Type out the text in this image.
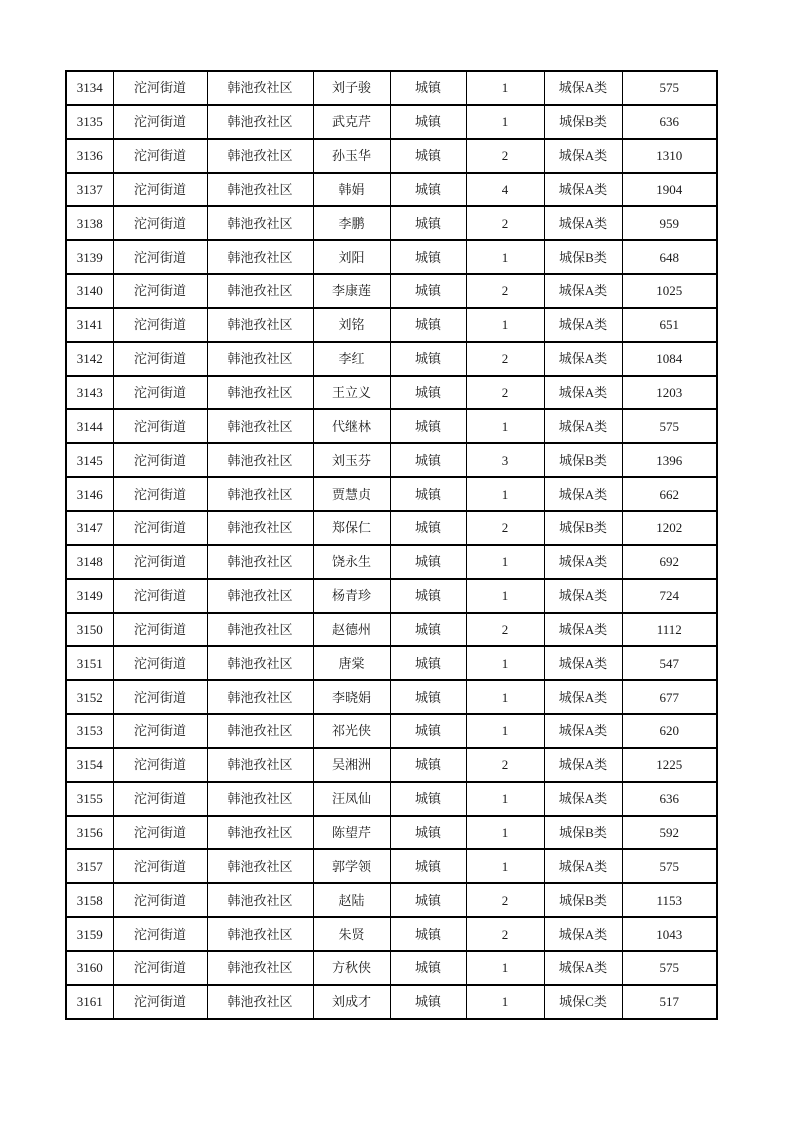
3134	沱河街道	韩池孜社区	刘子骏	城镇	1	城保A类	575
3135	沱河街道	韩池孜社区	武克芹	城镇	1	城保B类	636
3136	沱河街道	韩池孜社区	孙玉华	城镇	2	城保A类	1310
3137	沱河街道	韩池孜社区	韩娟	城镇	4	城保A类	1904
3138	沱河街道	韩池孜社区	李鹏	城镇	2	城保A类	959
3139	沱河街道	韩池孜社区	刘阳	城镇	1	城保B类	648
3140	沱河街道	韩池孜社区	李康莲	城镇	2	城保A类	1025
3141	沱河街道	韩池孜社区	刘铭	城镇	1	城保A类	651
3142	沱河街道	韩池孜社区	李红	城镇	2	城保A类	1084
3143	沱河街道	韩池孜社区	王立义	城镇	2	城保A类	1203
3144	沱河街道	韩池孜社区	代继林	城镇	1	城保A类	575
3145	沱河街道	韩池孜社区	刘玉芬	城镇	3	城保B类	1396
3146	沱河街道	韩池孜社区	贾慧贞	城镇	1	城保A类	662
3147	沱河街道	韩池孜社区	郑保仁	城镇	2	城保B类	1202
3148	沱河街道	韩池孜社区	饶永生	城镇	1	城保A类	692
3149	沱河街道	韩池孜社区	杨青珍	城镇	1	城保A类	724
3150	沱河街道	韩池孜社区	赵德州	城镇	2	城保A类	1112
3151	沱河街道	韩池孜社区	唐棠	城镇	1	城保A类	547
3152	沱河街道	韩池孜社区	李晓娟	城镇	1	城保A类	677
3153	沱河街道	韩池孜社区	祁光侠	城镇	1	城保A类	620
3154	沱河街道	韩池孜社区	吴湘洲	城镇	2	城保A类	1225
3155	沱河街道	韩池孜社区	汪凤仙	城镇	1	城保A类	636
3156	沱河街道	韩池孜社区	陈望芹	城镇	1	城保B类	592
3157	沱河街道	韩池孜社区	郭学领	城镇	1	城保A类	575
3158	沱河街道	韩池孜社区	赵陆	城镇	2	城保B类	1153
3159	沱河街道	韩池孜社区	朱贤	城镇	2	城保A类	1043
3160	沱河街道	韩池孜社区	方秋侠	城镇	1	城保A类	575
3161	沱河街道	韩池孜社区	刘成才	城镇	1	城保C类	517
